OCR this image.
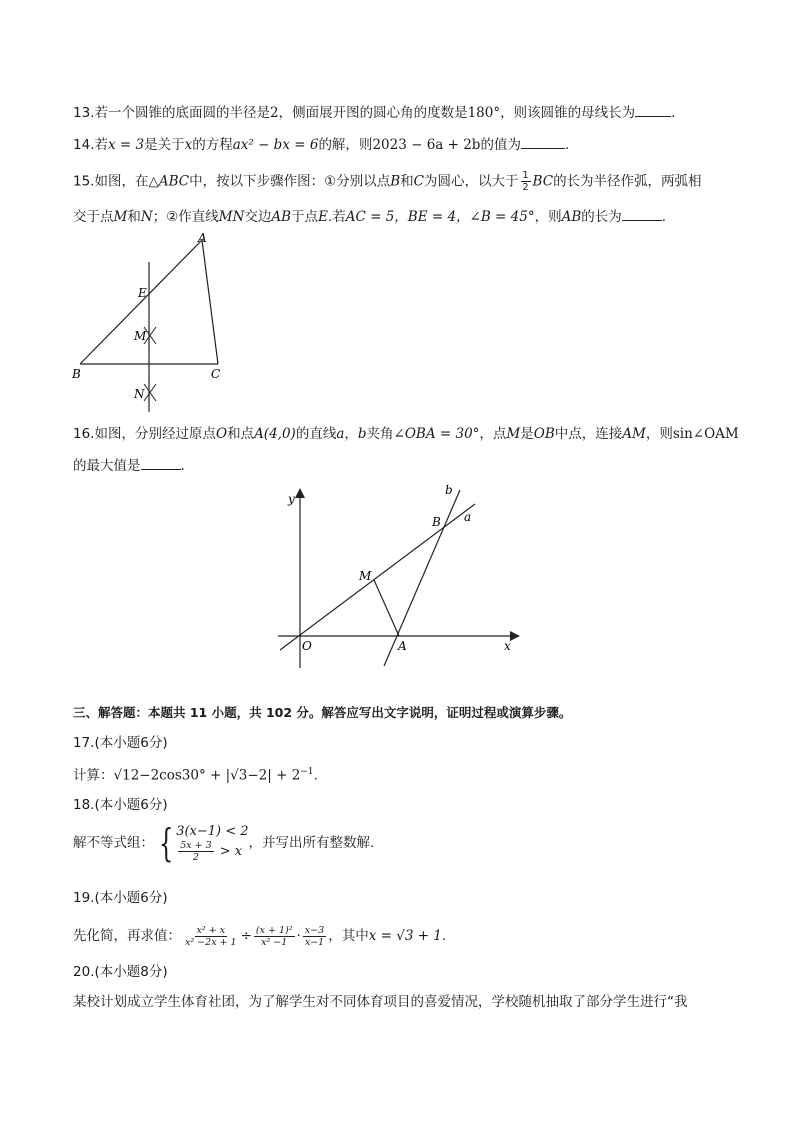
13.若一个圆锥的底面圆的半径是2，侧面展开图的圆心角的度数是180°，则该圆锥的母线长为	.
14.若x = 3是关于x的方程ax² − bx = 6的解，则2023 − 6a + 2b的值为	.
15.如图，在△ABC中，按以下步骤作图：①分别以点B和C为圆心，以大于 $\frac{1}{2}$ BC的长为半径作弧，两弧相
交于点M和N；②作直线MN交边AB于点E.若AC = 5，BE = 4，∠B = 45°，则AB的长为	.
A
B	C
E
M
N
16.如图，分别经过原点O和点A(4,0)的直线a，b夹角∠OBA = 30°，点M是OB中点，连接AM，则sin∠OAM
的最大值是	.
y
x
O	A
B
M
a
b
三、解答题：本题共 11 小题，共 102 分。解答应写出文字说明，证明过程或演算步骤。
17.(本小题6分)
计算：$√12-2\cos 30^\circ + |√3-2| + 2^{-1}$.
18.(本小题6分)
解不等式组： { 3(x−1) < 2
$\frac{5x + 3}{2} > x$
，并写出所有整数解.
19.(本小题6分)
先化简，再求值： $\frac{\text{x² + x}}{\text{x² −2x + 1}} \div \frac{\text{(x + 1)²}}{\text{x² −1}} \cdot \frac{x-3}{x-1}$ ，其中x = √3 + 1.
20.(本小题8分)
某校计划成立学生体育社团，为了解学生对不同体育项目的喜爱情况，学校随机抽取了部分学生进行“我
